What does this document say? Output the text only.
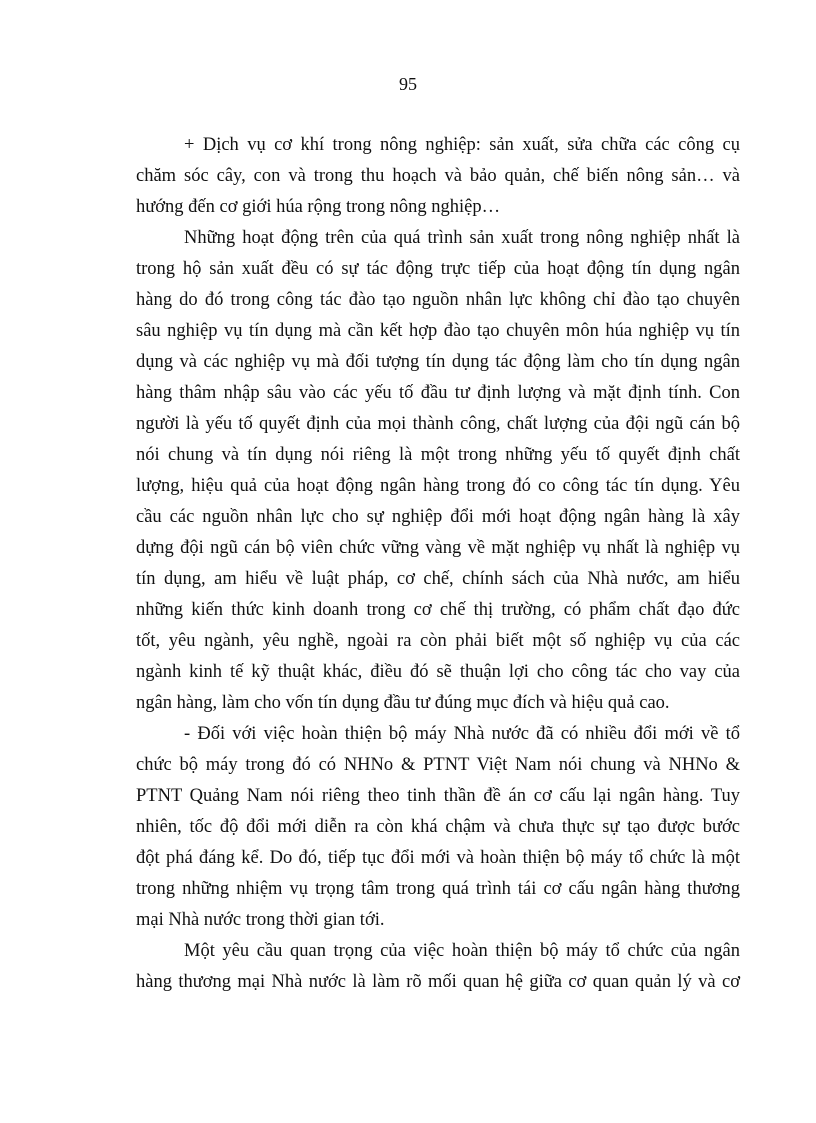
95
+ Dịch vụ cơ khí trong nông nghiệp: sản xuất, sửa chữa các công cụ
chăm sóc cây, con và trong thu hoạch và bảo quản, chế biến nông sản… và
hướng đến cơ giới húa rộng trong nông nghiệp…
Những hoạt động trên của quá trình sản xuất trong nông nghiệp nhất là
trong hộ sản xuất đều có sự tác động trực tiếp của hoạt động tín dụng ngân
hàng do đó trong công tác đào tạo nguồn nhân lực không chỉ đào tạo chuyên
sâu nghiệp vụ tín dụng mà cần kết hợp đào tạo chuyên môn húa nghiệp vụ tín
dụng và các nghiệp vụ mà đối tượng tín dụng tác động làm cho tín dụng ngân
hàng thâm nhập sâu vào các yếu tố đầu tư định lượng và mặt định tính. Con
người là yếu tố quyết định của mọi thành công, chất lượng của đội ngũ cán bộ
nói chung và tín dụng nói riêng là một trong những yếu tố quyết định chất
lượng, hiệu quả của hoạt động ngân hàng trong đó co công tác tín dụng. Yêu
cầu các nguồn nhân lực cho sự nghiệp đổi mới hoạt động ngân hàng là xây
dựng đội ngũ cán bộ viên chức vững vàng về mặt nghiệp vụ nhất là nghiệp vụ
tín dụng, am hiểu về luật pháp, cơ chế, chính sách của Nhà nước, am hiểu
những kiến thức kinh doanh trong cơ chế thị trường, có phẩm chất đạo đức
tốt, yêu ngành, yêu nghề, ngoài ra còn phải biết một số nghiệp vụ của các
ngành kinh tế kỹ thuật khác, điều đó sẽ thuận lợi cho công tác cho vay của
ngân hàng, làm cho vốn tín dụng đầu tư đúng mục đích và hiệu quả cao.
- Đối với việc hoàn thiện bộ máy Nhà nước đã có nhiều đổi mới về tổ
chức bộ máy trong đó có NHNo & PTNT Việt Nam nói chung và NHNo &
PTNT Quảng Nam nói riêng theo tinh thần đề án cơ cấu lại ngân hàng. Tuy
nhiên, tốc độ đổi mới diễn ra còn khá chậm và chưa thực sự tạo được bước
đột phá đáng kể. Do đó, tiếp tục đổi mới và hoàn thiện bộ máy tổ chức là một
trong những nhiệm vụ trọng tâm trong quá trình tái cơ cấu ngân hàng thương
mại Nhà nước trong thời gian tới.
Một yêu cầu quan trọng của việc hoàn thiện bộ máy tổ chức của ngân
hàng thương mại Nhà nước là làm rõ mối quan hệ giữa cơ quan quản lý và cơ
